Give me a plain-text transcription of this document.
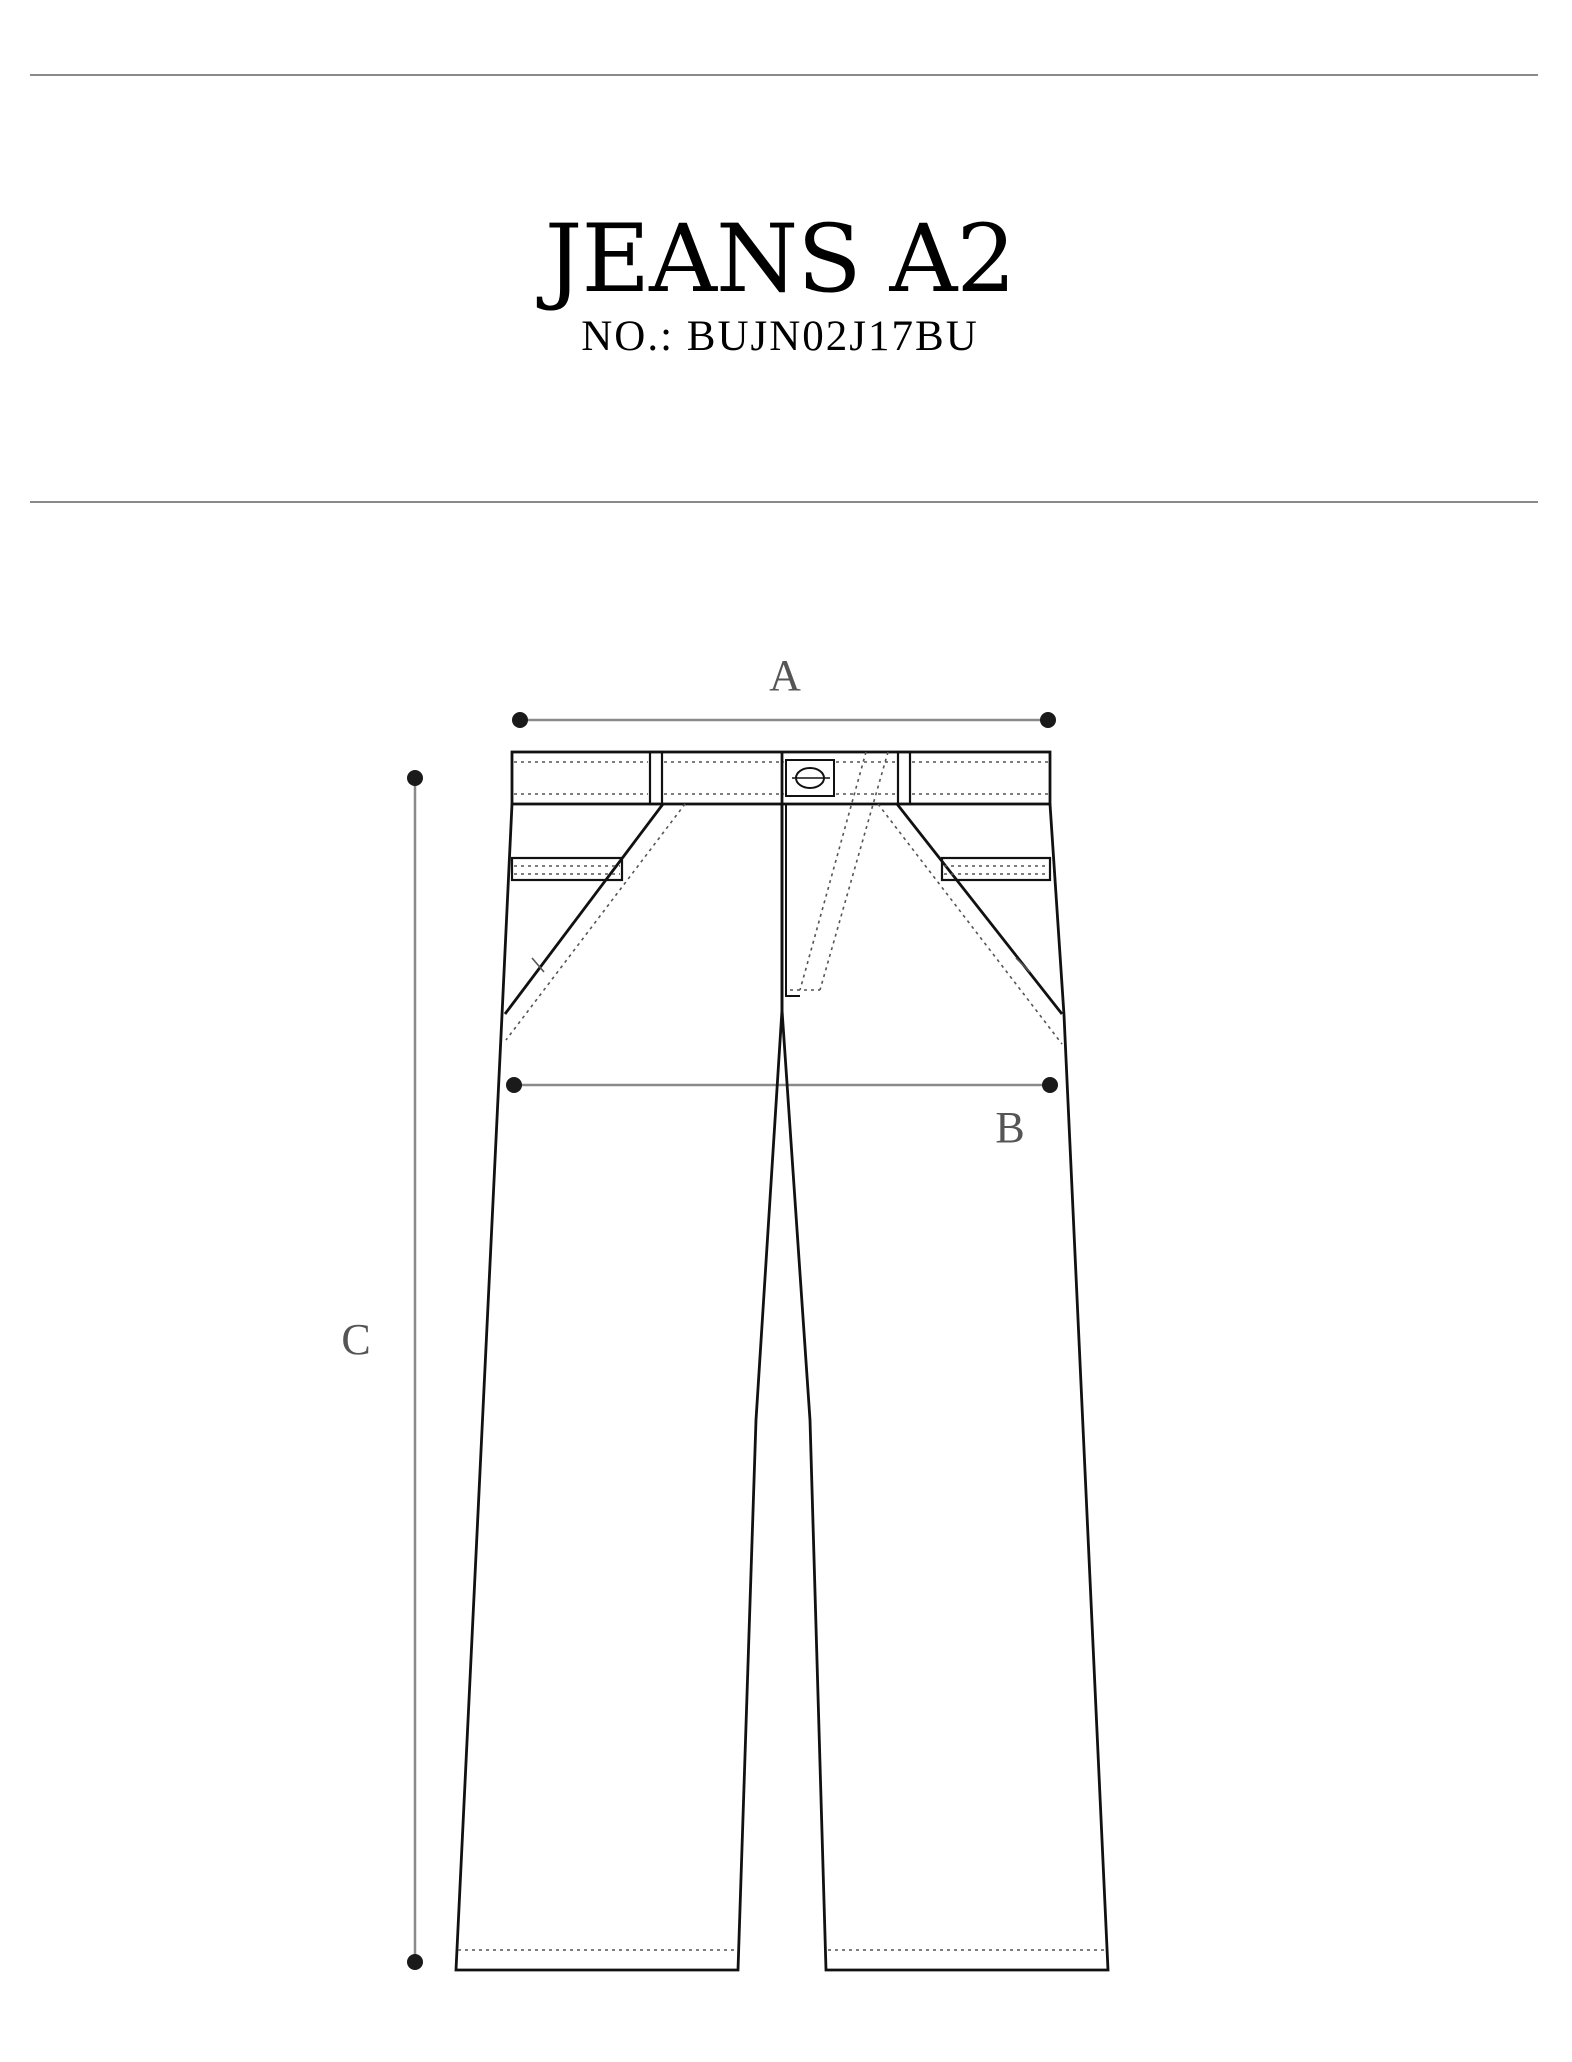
JEANS A2
NO.: BUJN02J17BU
A
B
C
